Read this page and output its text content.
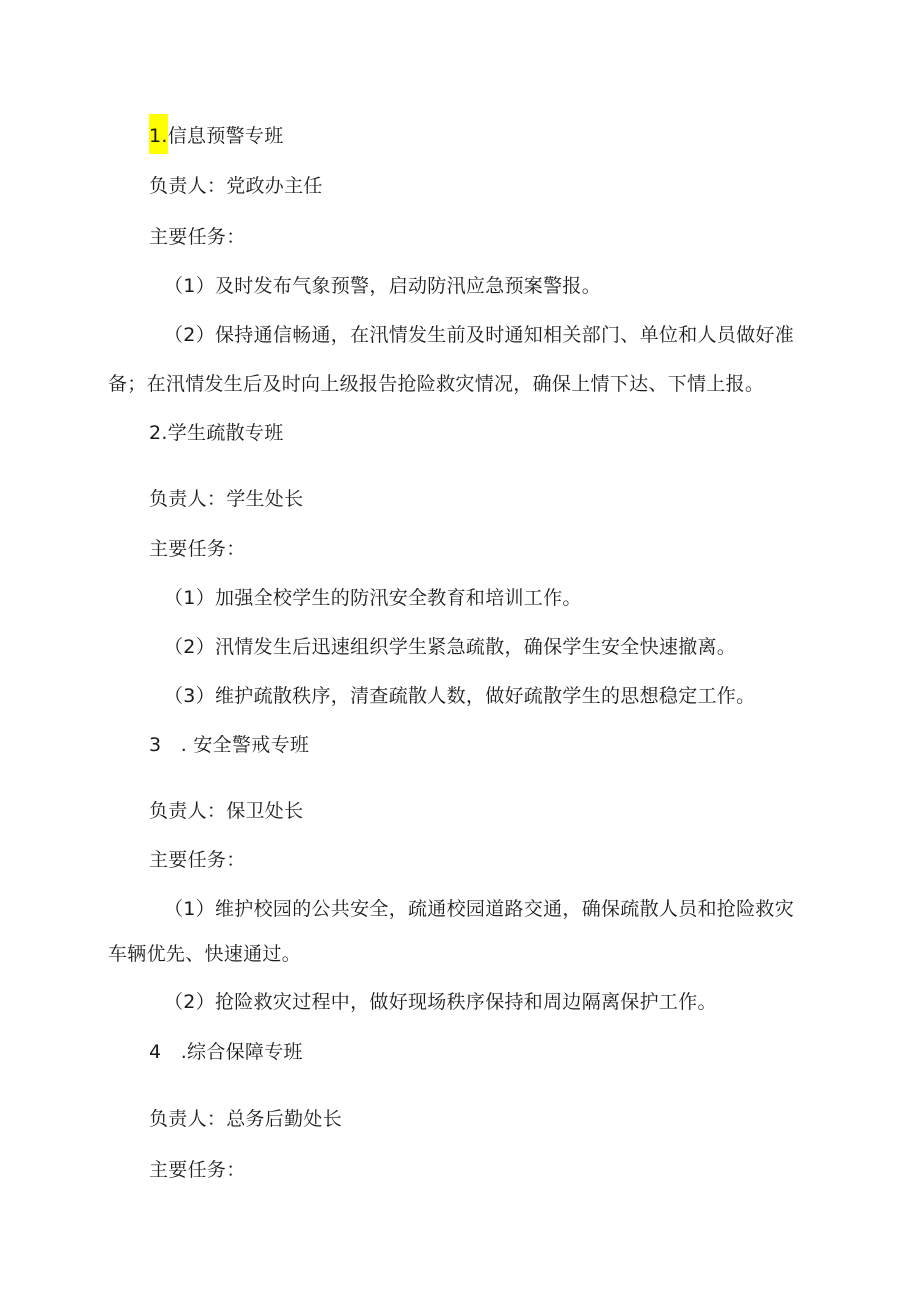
1.信息预警专班
负责人：党政办主任
主要任务：
（1）及时发布气象预警，启动防汛应急预案警报。
（2）保持通信畅通，在汛情发生前及时通知相关部门、单位和人员做好准
备；在汛情发生后及时向上级报告抢险救灾情况，确保上情下达、下情上报。
2.学生疏散专班
负责人：学生处长
主要任务：
（1）加强全校学生的防汛安全教育和培训工作。
（2）汛情发生后迅速组织学生紧急疏散，确保学生安全快速撤离。
（3）维护疏散秩序，清查疏散人数，做好疏散学生的思想稳定工作。
3　. 安全警戒专班
负责人：保卫处长
主要任务：
（1）维护校园的公共安全，疏通校园道路交通，确保疏散人员和抢险救灾
车辆优先、快速通过。
（2）抢险救灾过程中，做好现场秩序保持和周边隔离保护工作。
4　.综合保障专班
负责人：总务后勤处长
主要任务：
